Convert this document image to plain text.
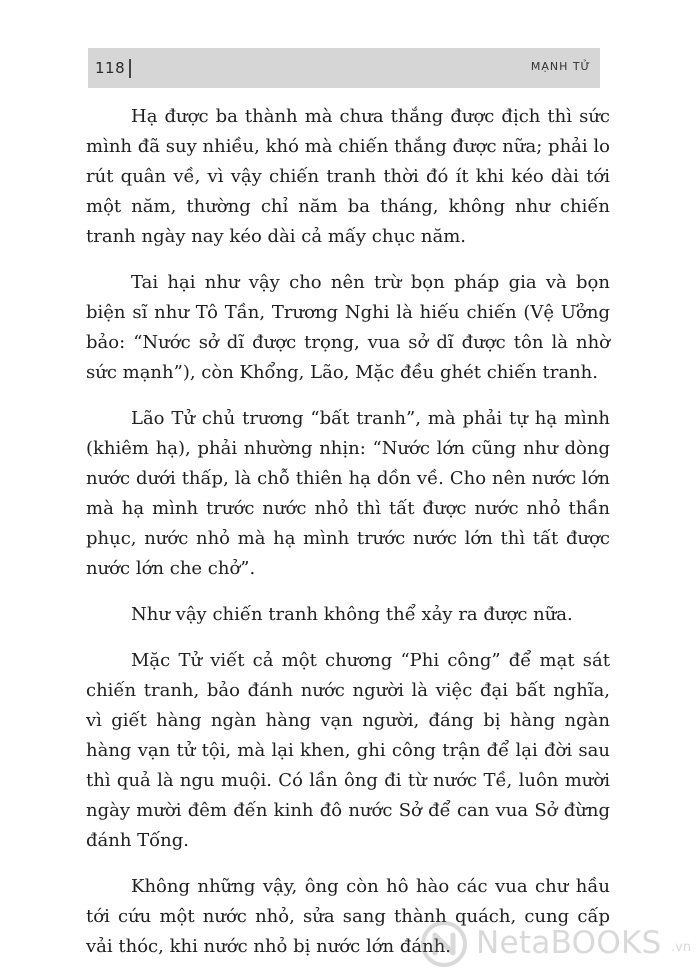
118	MẠNH TỬ

Hạ được ba thành mà chưa thắng được địch thì sức mình đã suy nhiều, khó mà chiến thắng được nữa; phải lo rút quân về, vì vậy chiến tranh thời đó ít khi kéo dài tới một năm, thường chỉ năm ba tháng, không như chiến tranh ngày nay kéo dài cả mấy chục năm.

Tai hại như vậy cho nên trừ bọn pháp gia và bọn biện sĩ như Tô Tần, Trương Nghi là hiếu chiến (Vệ Ưởng bảo: “Nước sở dĩ được trọng, vua sở dĩ được tôn là nhờ sức mạnh”), còn Khổng, Lão, Mặc đều ghét chiến tranh.

Lão Tử chủ trương “bất tranh”, mà phải tự hạ mình (khiêm hạ), phải nhường nhịn: “Nước lớn cũng như dòng nước dưới thấp, là chỗ thiên hạ dồn về. Cho nên nước lớn mà hạ mình trước nước nhỏ thì tất được nước nhỏ thần phục, nước nhỏ mà hạ mình trước nước lớn thì tất được nước lớn che chở”.

Như vậy chiến tranh không thể xảy ra được nữa.

Mặc Tử viết cả một chương “Phi công” để mạt sát chiến tranh, bảo đánh nước người là việc đại bất nghĩa, vì giết hàng ngàn hàng vạn người, đáng bị hàng ngàn hàng vạn tử tội, mà lại khen, ghi công trận để lại đời sau thì quả là ngu muội. Có lần ông đi từ nước Tề, luôn mười ngày mười đêm đến kinh đô nước Sở để can vua Sở đừng đánh Tống.

Không những vậy, ông còn hô hào các vua chư hầu tới cứu một nước nhỏ, sửa sang thành quách, cung cấp vải thóc, khi nước nhỏ bị nước lớn đánh. NetaBOOKS .vn
